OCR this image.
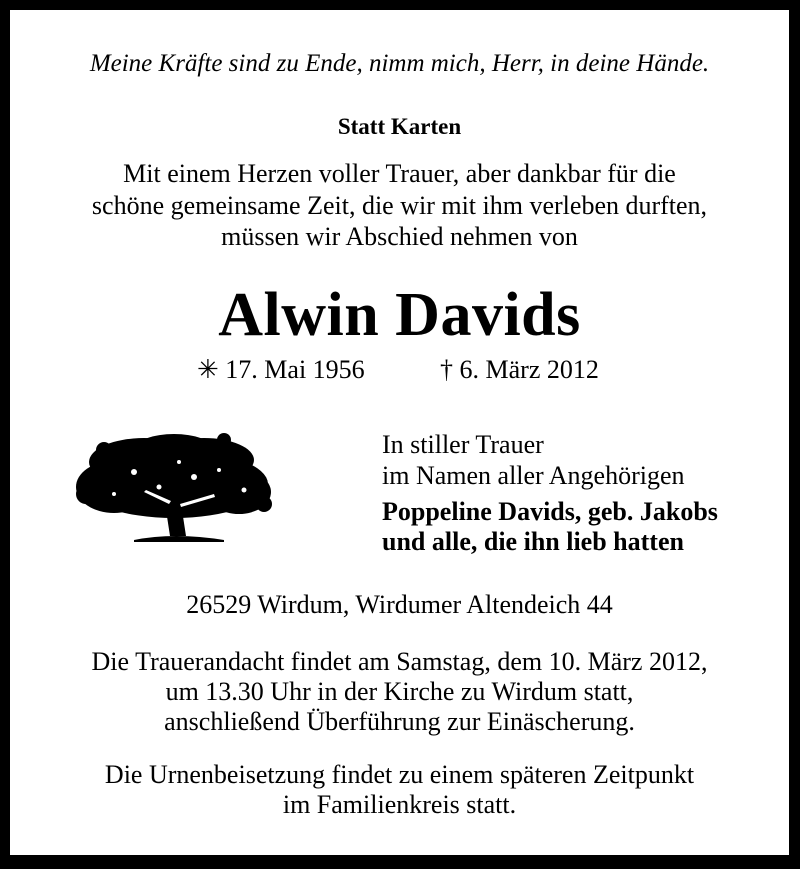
Meine Kräfte sind zu Ende, nimm mich, Herr, in deine Hände.
Statt Karten
Mit einem Herzen voller Trauer, aber dankbar für die
schöne gemeinsame Zeit, die wir mit ihm verleben durften,
müssen wir Abschied nehmen von
Alwin Davids
✳ 17. Mai 1956	† 6. März 2012
In stiller Trauer
im Namen aller Angehörigen
Poppeline Davids, geb. Jakobs
und alle, die ihn lieb hatten
26529 Wirdum, Wirdumer Altendeich 44
Die Trauerandacht findet am Samstag, dem 10. März 2012,
um 13.30 Uhr in der Kirche zu Wirdum statt,
anschließend Überführung zur Einäscherung.
Die Urnenbeisetzung findet zu einem späteren Zeitpunkt
im Familienkreis statt.
